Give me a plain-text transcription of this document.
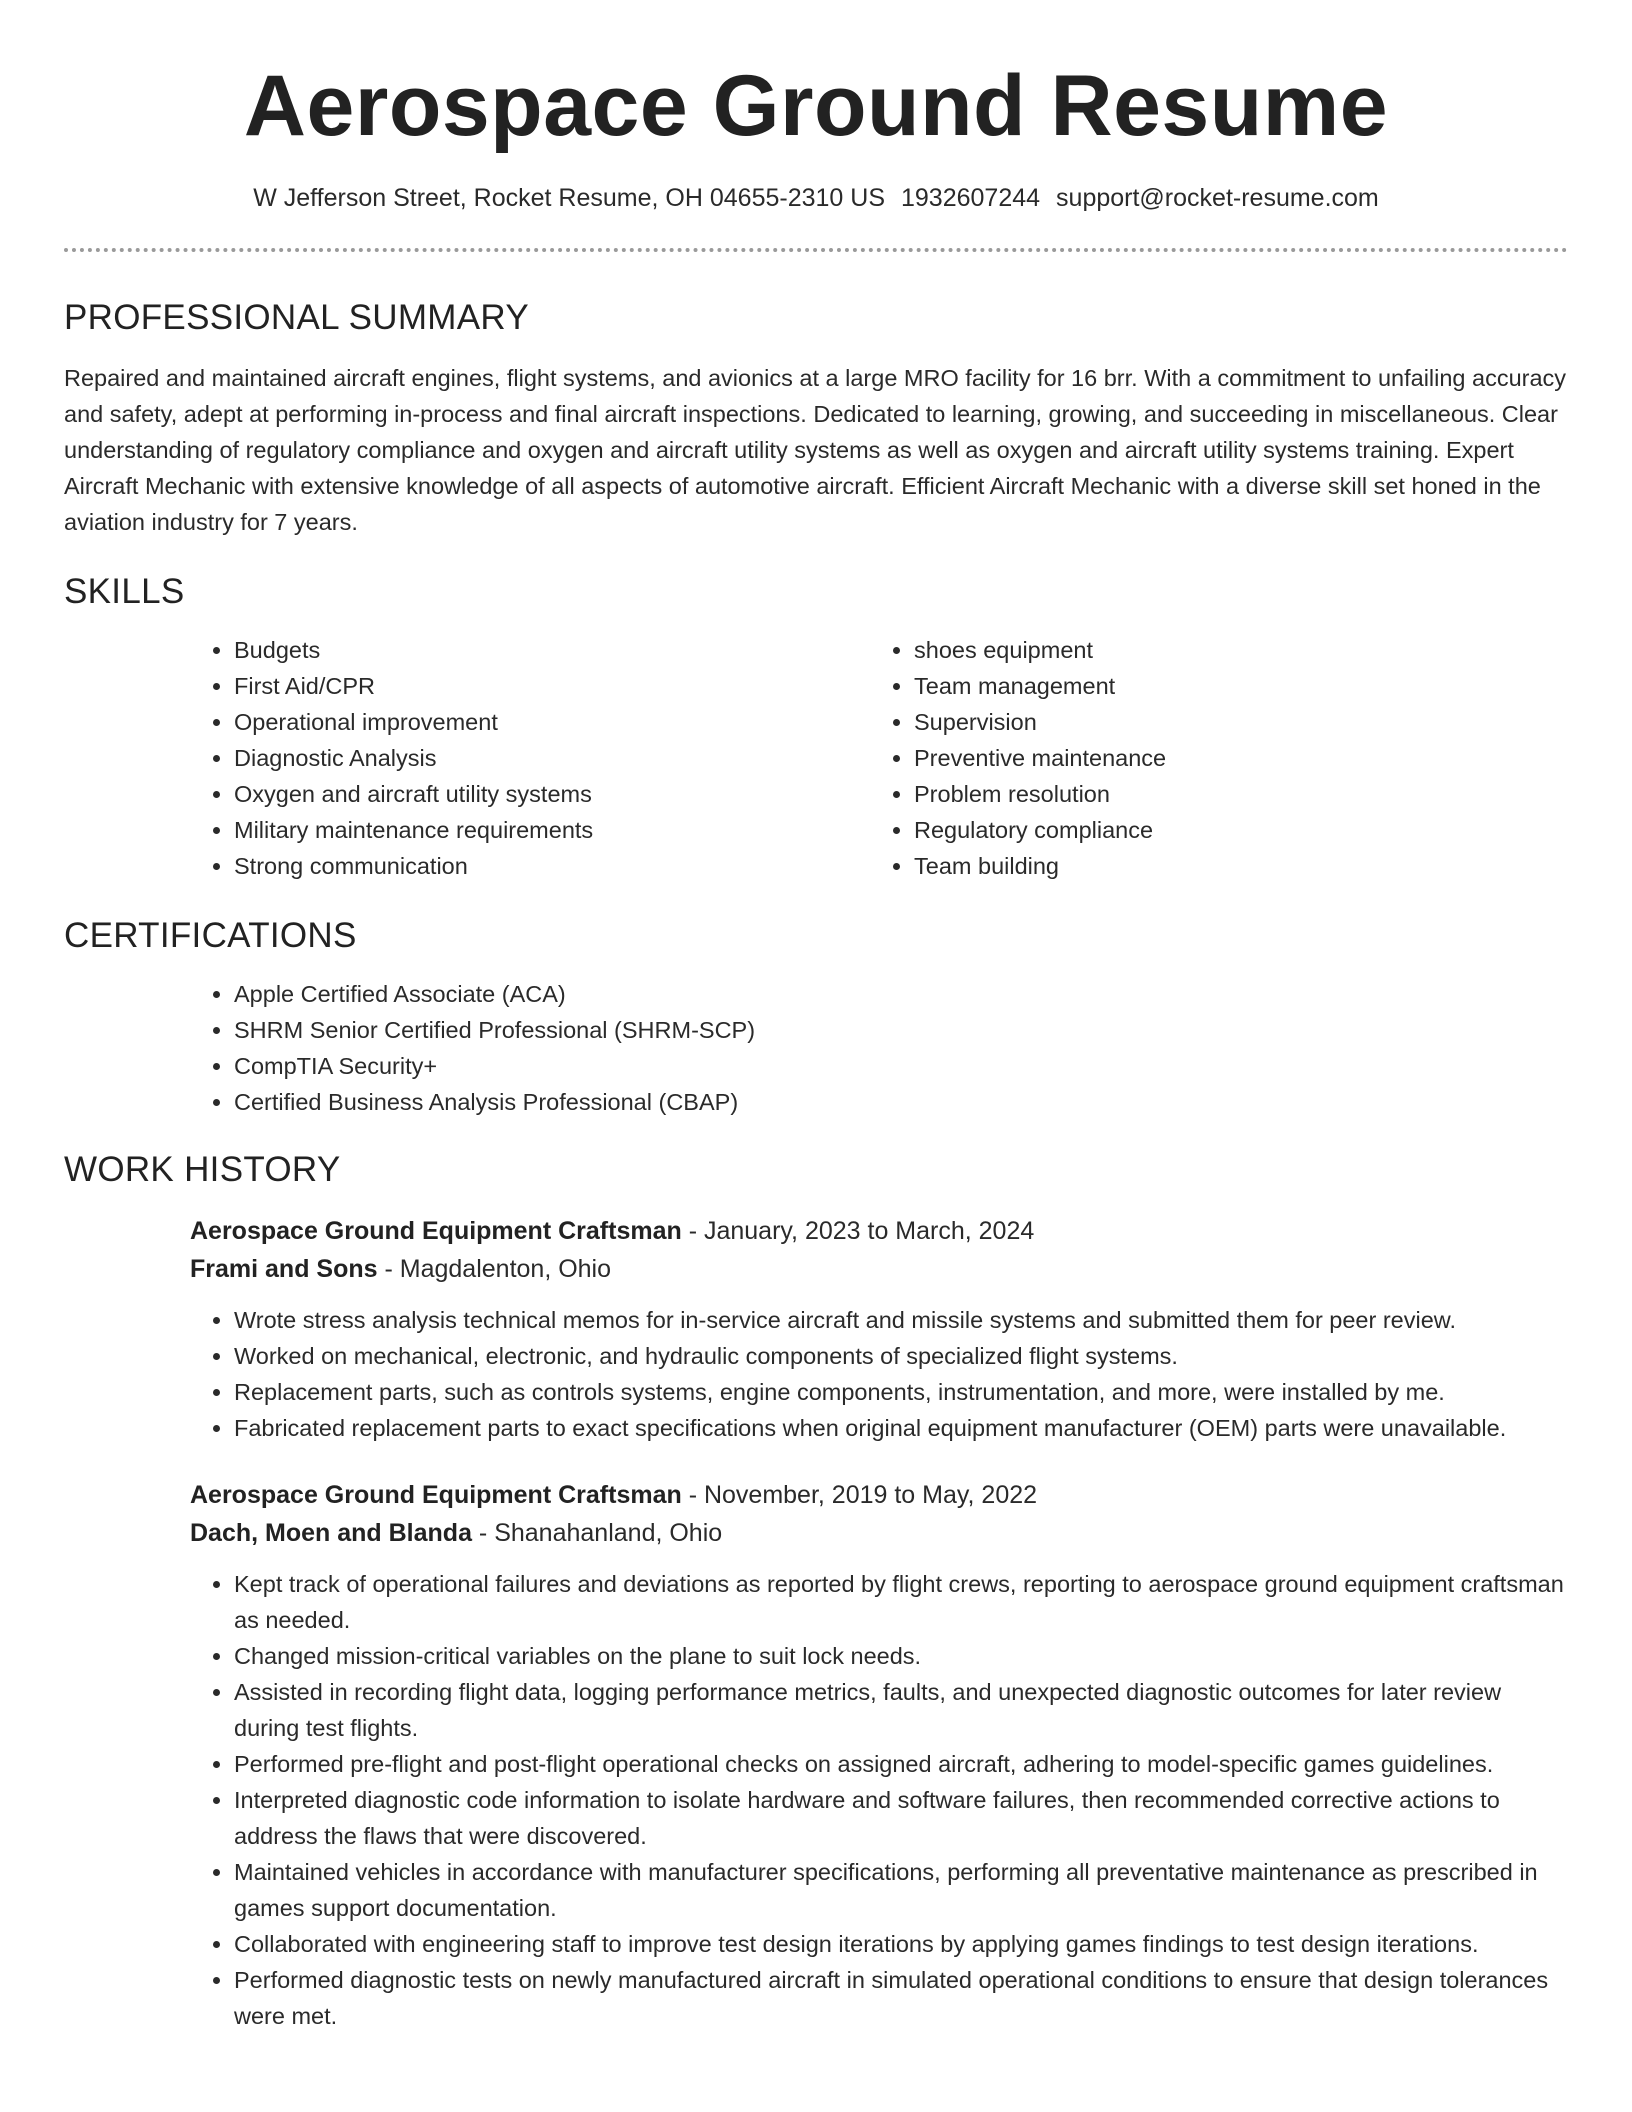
Aerospace Ground Resume
W Jefferson Street, Rocket Resume, OH 04655-2310 US 1932607244 support@rocket-resume.com
PROFESSIONAL SUMMARY

Repaired and maintained aircraft engines, flight systems, and avionics at a large MRO facility for 16 brr. With a commitment to unfailing accuracy and safety, adept at performing in-process and final aircraft inspections. Dedicated to learning, growing, and succeeding in miscellaneous. Clear understanding of regulatory compliance and oxygen and aircraft utility systems as well as oxygen and aircraft utility systems training. Expert Aircraft Mechanic with extensive knowledge of all aspects of automotive aircraft. Efficient Aircraft Mechanic with a diverse skill set honed in the aviation industry for 7 years.

SKILLS
• Budgets
• First Aid/CPR
• Operational improvement
• Diagnostic Analysis
• Oxygen and aircraft utility systems
• Military maintenance requirements
• Strong communication
• shoes equipment
• Team management
• Supervision
• Preventive maintenance
• Problem resolution
• Regulatory compliance
• Team building
CERTIFICATIONS
• Apple Certified Associate (ACA)
• SHRM Senior Certified Professional (SHRM-SCP)
• CompTIA Security+
• Certified Business Analysis Professional (CBAP)
WORK HISTORY
Aerospace Ground Equipment Craftsman - January, 2023 to March, 2024
Frami and Sons - Magdalenton, Ohio
• Wrote stress analysis technical memos for in-service aircraft and missile systems and submitted them for peer review.
• Worked on mechanical, electronic, and hydraulic components of specialized flight systems.
• Replacement parts, such as controls systems, engine components, instrumentation, and more, were installed by me.
• Fabricated replacement parts to exact specifications when original equipment manufacturer (OEM) parts were unavailable.
Aerospace Ground Equipment Craftsman - November, 2019 to May, 2022
Dach, Moen and Blanda - Shanahanland, Ohio
• Kept track of operational failures and deviations as reported by flight crews, reporting to aerospace ground equipment craftsman as needed.
• Changed mission-critical variables on the plane to suit lock needs.
• Assisted in recording flight data, logging performance metrics, faults, and unexpected diagnostic outcomes for later review during test flights.
• Performed pre-flight and post-flight operational checks on assigned aircraft, adhering to model-specific games guidelines.
• Interpreted diagnostic code information to isolate hardware and software failures, then recommended corrective actions to address the flaws that were discovered.
• Maintained vehicles in accordance with manufacturer specifications, performing all preventative maintenance as prescribed in games support documentation.
• Collaborated with engineering staff to improve test design iterations by applying games findings to test design iterations.
• Performed diagnostic tests on newly manufactured aircraft in simulated operational conditions to ensure that design tolerances were met.
